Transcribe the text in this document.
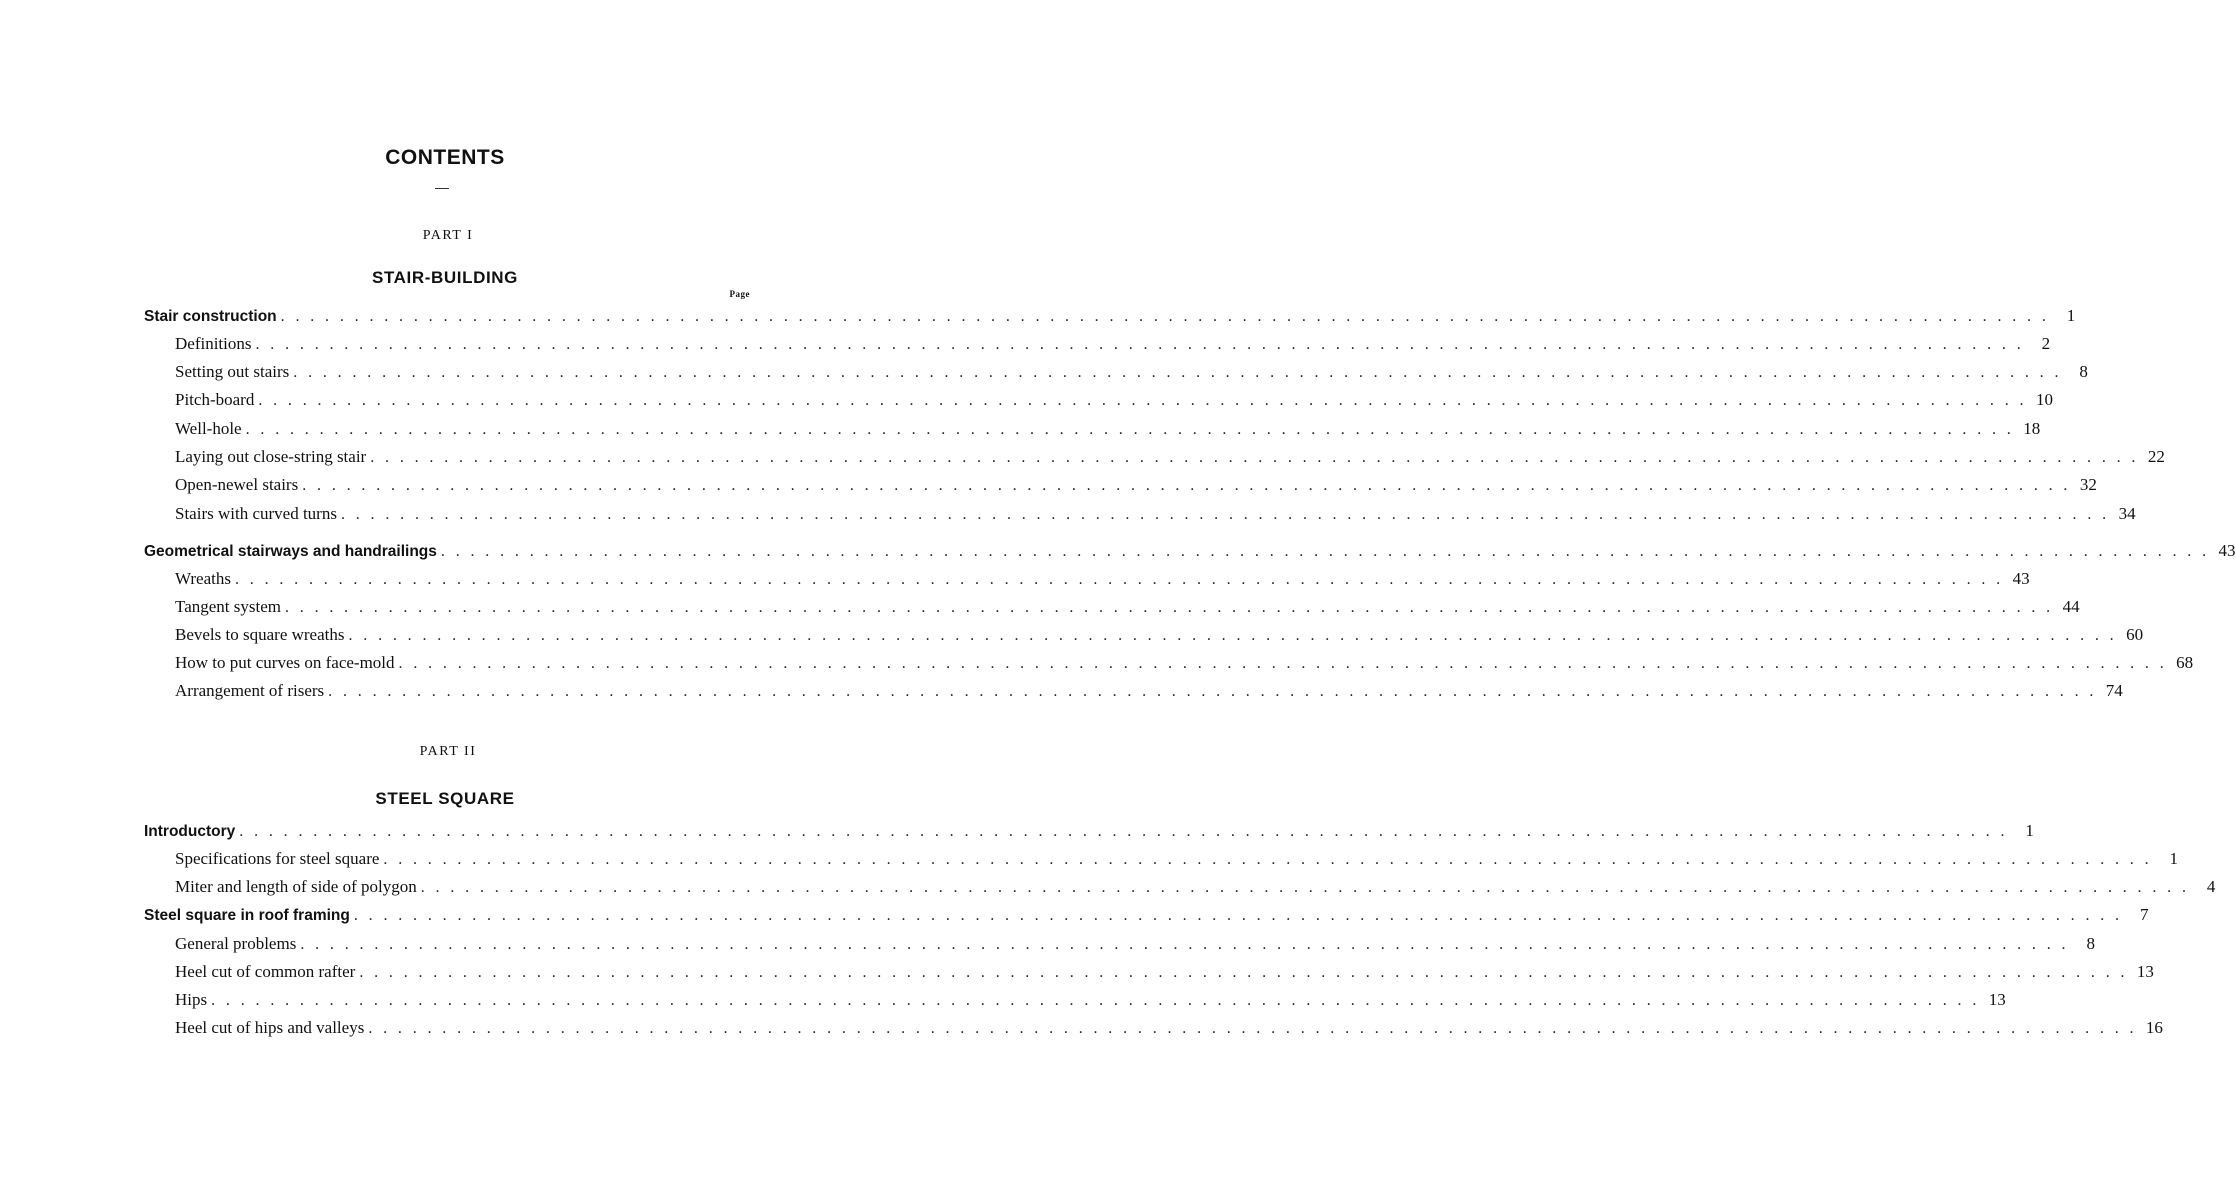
CONTENTS
PART I
STAIR-BUILDING
Page
PART II
STEEL SQUARE
Stair construction . . . . . . . . . . . . . . . . . . . . . . . . . . . . . . . . . . . . . . . . . . . . . . . . . . . . . . . . . . . . . . . . . . . . . . . . . . . . . . . . . . . . . . . . . . . . . . . . . . . . . . . . . . . . . . . . . . . . . . . .	1
Definitions . . . . . . . . . . . . . . . . . . . . . . . . . . . . . . . . . . . . . . . . . . . . . . . . . . . . . . . . . . . . . . . . . . . . . . . . . . . . . . . . . . . . . . . . . . . . . . . . . . . . . . . . . . . . . . . . . . . . . . . .	2
Setting out stairs . . . . . . . . . . . . . . . . . . . . . . . . . . . . . . . . . . . . . . . . . . . . . . . . . . . . . . . . . . . . . . . . . . . . . . . . . . . . . . . . . . . . . . . . . . . . . . . . . . . . . . . . . . . . . . . . . . . . . . . .	8
Pitch-board . . . . . . . . . . . . . . . . . . . . . . . . . . . . . . . . . . . . . . . . . . . . . . . . . . . . . . . . . . . . . . . . . . . . . . . . . . . . . . . . . . . . . . . . . . . . . . . . . . . . . . . . . . . . . . . . . . . . . . . . 10
Well-hole . . . . . . . . . . . . . . . . . . . . . . . . . . . . . . . . . . . . . . . . . . . . . . . . . . . . . . . . . . . . . . . . . . . . . . . . . . . . . . . . . . . . . . . . . . . . . . . . . . . . . . . . . . . . . . . . . . . . . . . . 18
Laying out close-string stair . . . . . . . . . . . . . . . . . . . . . . . . . . . . . . . . . . . . . . . . . . . . . . . . . . . . . . . . . . . . . . . . . . . . . . . . . . . . . . . . . . . . . . . . . . . . . . . . . . . . . . . . . . . . . . . . . . . . . . . . 22
Open-newel stairs . . . . . . . . . . . . . . . . . . . . . . . . . . . . . . . . . . . . . . . . . . . . . . . . . . . . . . . . . . . . . . . . . . . . . . . . . . . . . . . . . . . . . . . . . . . . . . . . . . . . . . . . . . . . . . . . . . . . . . . . 32
Stairs with curved turns . . . . . . . . . . . . . . . . . . . . . . . . . . . . . . . . . . . . . . . . . . . . . . . . . . . . . . . . . . . . . . . . . . . . . . . . . . . . . . . . . . . . . . . . . . . . . . . . . . . . . . . . . . . . . . . . . . . . . . . . 34
Geometrical stairways and handrailings . . . . . . . . . . . . . . . . . . . . . . . . . . . . . . . . . . . . . . . . . . . . . . . . . . . . . . . . . . . . . . . . . . . . . . . . . . . . . . . . . . . . . . . . . . . . . . . . . . . . . . . . . . . . . . . . . . . . . . . . 43
Wreaths . . . . . . . . . . . . . . . . . . . . . . . . . . . . . . . . . . . . . . . . . . . . . . . . . . . . . . . . . . . . . . . . . . . . . . . . . . . . . . . . . . . . . . . . . . . . . . . . . . . . . . . . . . . . . . . . . . . . . . . . 43
Tangent system . . . . . . . . . . . . . . . . . . . . . . . . . . . . . . . . . . . . . . . . . . . . . . . . . . . . . . . . . . . . . . . . . . . . . . . . . . . . . . . . . . . . . . . . . . . . . . . . . . . . . . . . . . . . . . . . . . . . . . . . 44
Bevels to square wreaths . . . . . . . . . . . . . . . . . . . . . . . . . . . . . . . . . . . . . . . . . . . . . . . . . . . . . . . . . . . . . . . . . . . . . . . . . . . . . . . . . . . . . . . . . . . . . . . . . . . . . . . . . . . . . . . . . . . . . . . . 60
How to put curves on face-mold . . . . . . . . . . . . . . . . . . . . . . . . . . . . . . . . . . . . . . . . . . . . . . . . . . . . . . . . . . . . . . . . . . . . . . . . . . . . . . . . . . . . . . . . . . . . . . . . . . . . . . . . . . . . . . . . . . . . . . . . 68
Arrangement of risers . . . . . . . . . . . . . . . . . . . . . . . . . . . . . . . . . . . . . . . . . . . . . . . . . . . . . . . . . . . . . . . . . . . . . . . . . . . . . . . . . . . . . . . . . . . . . . . . . . . . . . . . . . . . . . . . . . . . . . . . 74
Introductory . . . . . . . . . . . . . . . . . . . . . . . . . . . . . . . . . . . . . . . . . . . . . . . . . . . . . . . . . . . . . . . . . . . . . . . . . . . . . . . . . . . . . . . . . . . . . . . . . . . . . . . . . . . . . . . . . . . . . . . .	1
Specifications for steel square . . . . . . . . . . . . . . . . . . . . . . . . . . . . . . . . . . . . . . . . . . . . . . . . . . . . . . . . . . . . . . . . . . . . . . . . . . . . . . . . . . . . . . . . . . . . . . . . . . . . . . . . . . . . . . . . . . . . . . . .	1
Miter and length of side of polygon . . . . . . . . . . . . . . . . . . . . . . . . . . . . . . . . . . . . . . . . . . . . . . . . . . . . . . . . . . . . . . . . . . . . . . . . . . . . . . . . . . . . . . . . . . . . . . . . . . . . . . . . . . . . . . . . . . . . . . . .	4
Steel square in roof framing . . . . . . . . . . . . . . . . . . . . . . . . . . . . . . . . . . . . . . . . . . . . . . . . . . . . . . . . . . . . . . . . . . . . . . . . . . . . . . . . . . . . . . . . . . . . . . . . . . . . . . . . . . . . . . . . . . . . . . . .	7
General problems . . . . . . . . . . . . . . . . . . . . . . . . . . . . . . . . . . . . . . . . . . . . . . . . . . . . . . . . . . . . . . . . . . . . . . . . . . . . . . . . . . . . . . . . . . . . . . . . . . . . . . . . . . . . . . . . . . . . . . . .	8
Heel cut of common rafter . . . . . . . . . . . . . . . . . . . . . . . . . . . . . . . . . . . . . . . . . . . . . . . . . . . . . . . . . . . . . . . . . . . . . . . . . . . . . . . . . . . . . . . . . . . . . . . . . . . . . . . . . . . . . . . . . . . . . . . . 13
Hips . . . . . . . . . . . . . . . . . . . . . . . . . . . . . . . . . . . . . . . . . . . . . . . . . . . . . . . . . . . . . . . . . . . . . . . . . . . . . . . . . . . . . . . . . . . . . . . . . . . . . . . . . . . . . . . . . . . . . . . . 13
Heel cut of hips and valleys . . . . . . . . . . . . . . . . . . . . . . . . . . . . . . . . . . . . . . . . . . . . . . . . . . . . . . . . . . . . . . . . . . . . . . . . . . . . . . . . . . . . . . . . . . . . . . . . . . . . . . . . . . . . . . . . . . . . . . . . 16
